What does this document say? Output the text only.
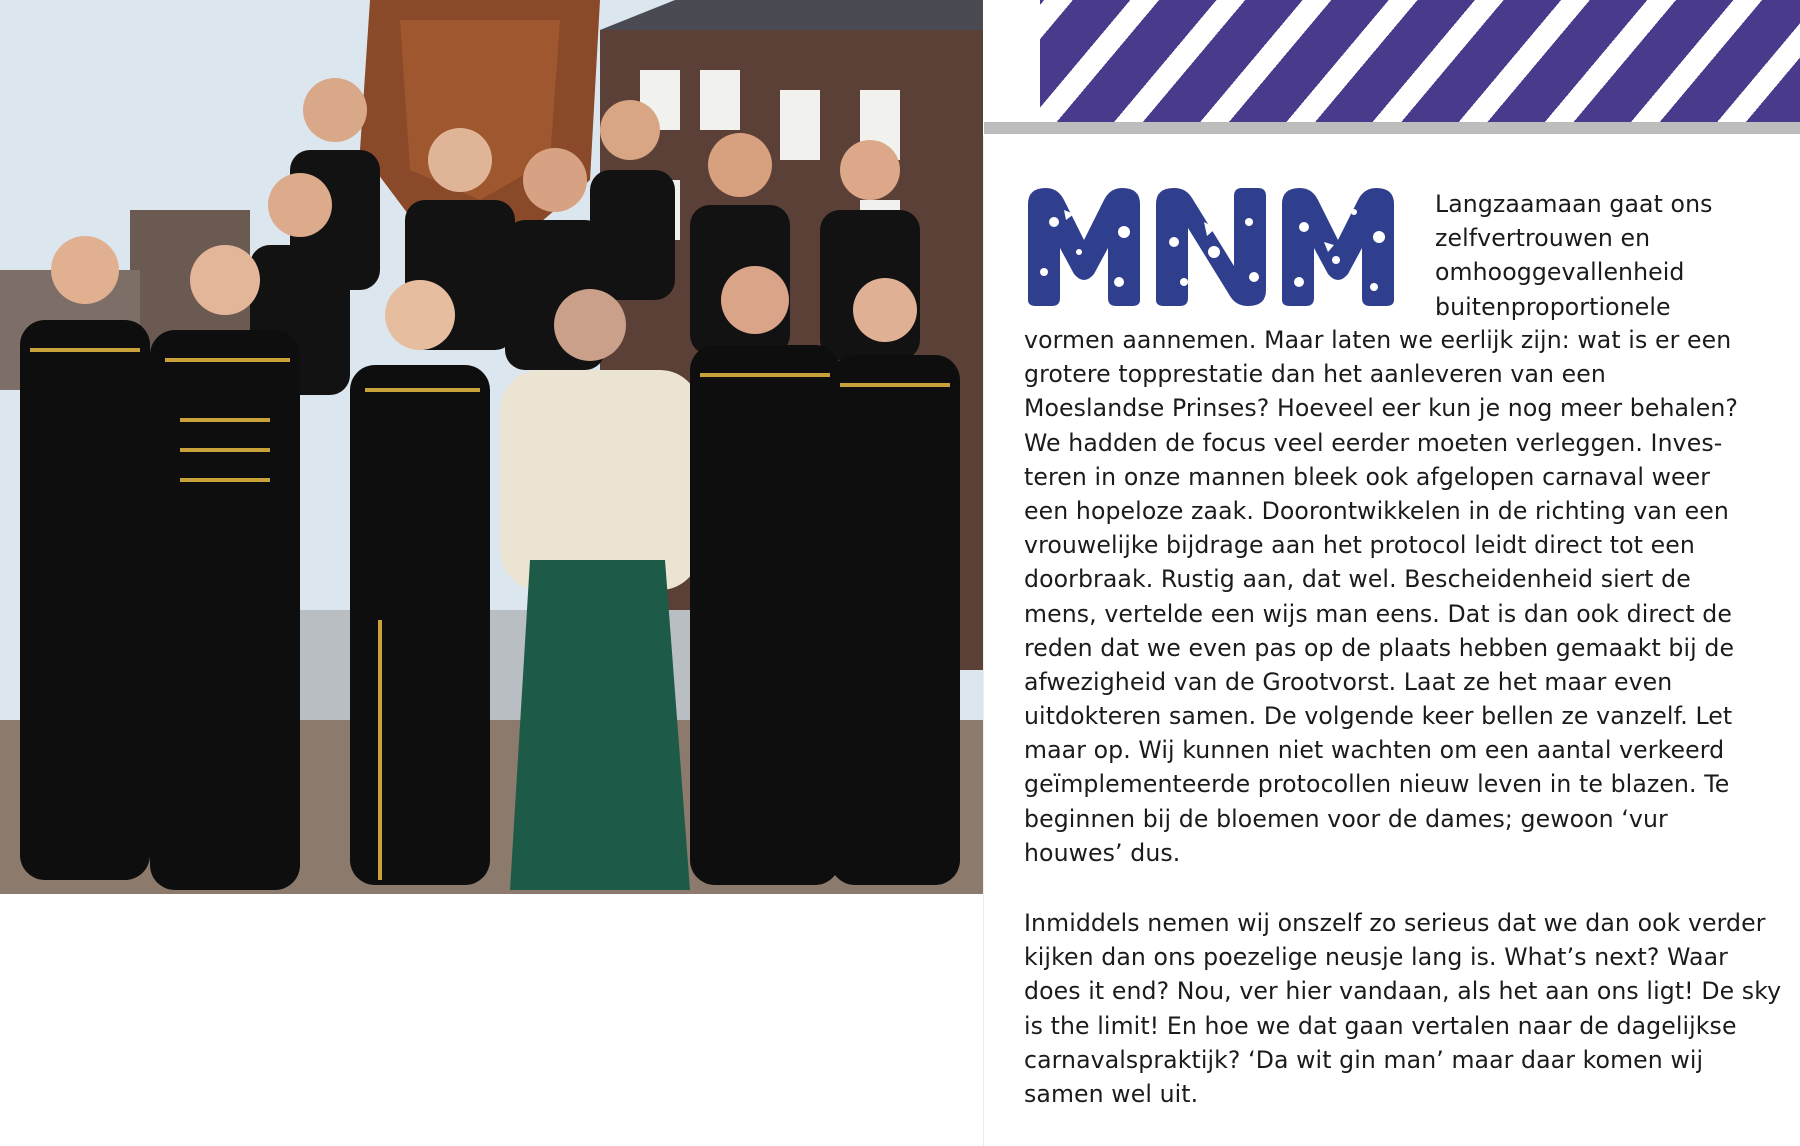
Langzaamaan gaat ons
zelfvertrouwen en
omhooggevallenheid
buitenproportionele
vormen aannemen. Maar laten we eerlijk zijn: wat is er een
grotere topprestatie dan het aanleveren van een
Moeslandse Prinses? Hoeveel eer kun je nog meer behalen?
We hadden de focus veel eerder moeten verleggen. Inves-
teren in onze mannen bleek ook afgelopen carnaval weer
een hopeloze zaak. Doorontwikkelen in de richting van een
vrouwelijke bijdrage aan het protocol leidt direct tot een
doorbraak. Rustig aan, dat wel. Bescheidenheid siert de
mens, vertelde een wijs man eens. Dat is dan ook direct de
reden dat we even pas op de plaats hebben gemaakt bij de
afwezigheid van de Grootvorst. Laat ze het maar even
uitdokteren samen. De volgende keer bellen ze vanzelf. Let
maar op. Wij kunnen niet wachten om een aantal verkeerd
geïmplementeerde protocollen nieuw leven in te blazen. Te
beginnen bij de bloemen voor de dames; gewoon ‘vur
houwes’ dus.
Inmiddels nemen wij onszelf zo serieus dat we dan ook verder
kijken dan ons poezelige neusje lang is. What’s next? Waar
does it end? Nou, ver hier vandaan, als het aan ons ligt! De sky
is the limit! En hoe we dat gaan vertalen naar de dagelijkse
carnavalspraktijk? ‘Da wit gin man’ maar daar komen wij
samen wel uit.
